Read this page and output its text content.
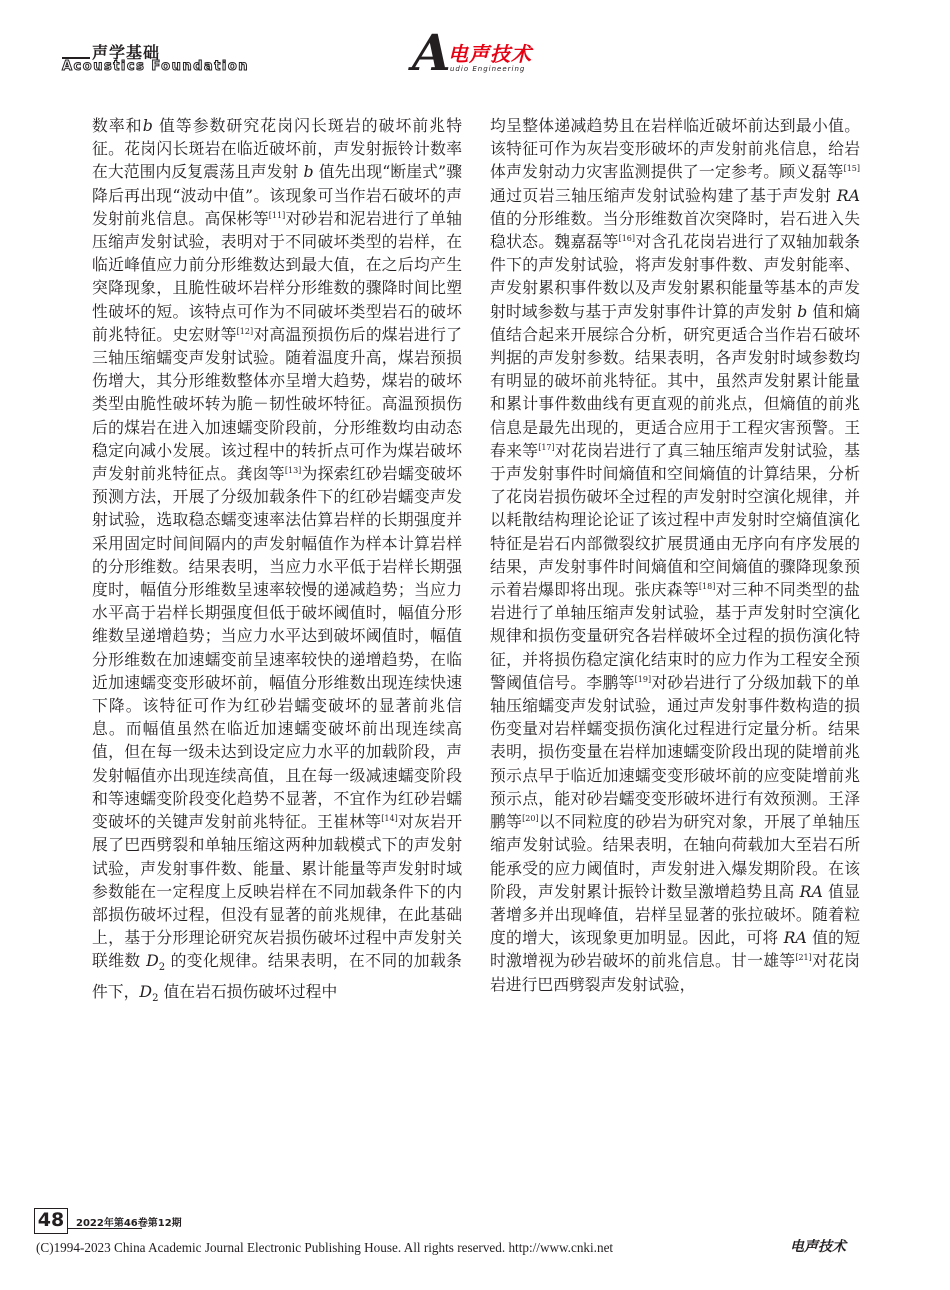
声学基础
Acoustics Foundation	A
电声技术
udio Engineering

数率和b 值等参数研究花岗闪长斑岩的破坏前兆特征。花岗闪长斑岩在临近破坏前，声发射振铃计数率在大范围内反复震荡且声发射 b 值先出现“断崖式”骤降后再出现“波动中值”。该现象可当作岩石破坏的声发射前兆信息。高保彬等[11]对砂岩和泥岩进行了单轴压缩声发射试验，表明对于不同破坏类型的岩样，在临近峰值应力前分形维数达到最大值，在之后均产生突降现象，且脆性破坏岩样分形维数的骤降时间比塑性破坏的短。该特点可作为不同破坏类型岩石的破坏前兆特征。史宏财等[12]对高温预损伤后的煤岩进行了三轴压缩蠕变声发射试验。随着温度升高，煤岩预损伤增大，其分形维数整体亦呈增大趋势，煤岩的破坏类型由脆性破坏转为脆－韧性破坏特征。高温预损伤后的煤岩在进入加速蠕变阶段前，分形维数均由动态稳定向减小发展。该过程中的转折点可作为煤岩破坏声发射前兆特征点。龚囱等[13]为探索红砂岩蠕变破坏预测方法，开展了分级加载条件下的红砂岩蠕变声发射试验，选取稳态蠕变速率法估算岩样的长期强度并采用固定时间间隔内的声发射幅值作为样本计算岩样的分形维数。结果表明，当应力水平低于岩样长期强度时，幅值分形维数呈速率较慢的递减趋势；当应力水平高于岩样长期强度但低于破坏阈值时，幅值分形维数呈递增趋势；当应力水平达到破坏阈值时，幅值分形维数在加速蠕变前呈速率较快的递增趋势，在临近加速蠕变变形破坏前，幅值分形维数出现连续快速下降。该特征可作为红砂岩蠕变破坏的显著前兆信息。而幅值虽然在临近加速蠕变破坏前出现连续高值，但在每一级未达到设定应力水平的加载阶段，声发射幅值亦出现连续高值，且在每一级减速蠕变阶段和等速蠕变阶段变化趋势不显著，不宜作为红砂岩蠕变破坏的关键声发射前兆特征。王崔林等[14]对灰岩开展了巴西劈裂和单轴压缩这两种加载模式下的声发射试验，声发射事件数、能量、累计能量等声发射时域参数能在一定程度上反映岩样在不同加载条件下的内部损伤破坏过程，但没有显著的前兆规律，在此基础上，基于分形理论研究灰岩损伤破坏过程中声发射关联维数 $D_2$ 的变化规律。结果表明，在不同的加载条件下，$D_2$ 值在岩石损伤破坏过程中

均呈整体递减趋势且在岩样临近破坏前达到最小值。该特征可作为灰岩变形破坏的声发射前兆信息，给岩体声发射动力灾害监测提供了一定参考。顾义磊等[15]通过页岩三轴压缩声发射试验构建了基于声发射 RA 值的分形维数。当分形维数首次突降时，岩石进入失稳状态。魏嘉磊等[16]对含孔花岗岩进行了双轴加载条件下的声发射试验，将声发射事件数、声发射能率、声发射累积事件数以及声发射累积能量等基本的声发射时域参数与基于声发射事件计算的声发射 b 值和熵值结合起来开展综合分析，研究更适合当作岩石破坏判据的声发射参数。结果表明，各声发射时域参数均有明显的破坏前兆特征。其中，虽然声发射累计能量和累计事件数曲线有更直观的前兆点，但熵值的前兆信息是最先出现的，更适合应用于工程灾害预警。王春来等[17]对花岗岩进行了真三轴压缩声发射试验，基于声发射事件时间熵值和空间熵值的计算结果，分析了花岗岩损伤破坏全过程的声发射时空演化规律，并以耗散结构理论论证了该过程中声发射时空熵值演化特征是岩石内部微裂纹扩展贯通由无序向有序发展的结果，声发射事件时间熵值和空间熵值的骤降现象预示着岩爆即将出现。张庆森等[18]对三种不同类型的盐岩进行了单轴压缩声发射试验，基于声发射时空演化规律和损伤变量研究各岩样破坏全过程的损伤演化特征，并将损伤稳定演化结束时的应力作为工程安全预警阈值信号。李鹏等[19]对砂岩进行了分级加载下的单轴压缩蠕变声发射试验，通过声发射事件数构造的损伤变量对岩样蠕变损伤演化过程进行定量分析。结果表明，损伤变量在岩样加速蠕变阶段出现的陡增前兆预示点早于临近加速蠕变变形破坏前的应变陡增前兆预示点，能对砂岩蠕变变形破坏进行有效预测。王泽鹏等[20]以不同粒度的砂岩为研究对象，开展了单轴压缩声发射试验。结果表明，在轴向荷载加大至岩石所能承受的应力阈值时，声发射进入爆发期阶段。在该阶段，声发射累计振铃计数呈激增趋势且高 RA 值显著增多并出现峰值，岩样呈显著的张拉破坏。随着粒度的增大，该现象更加明显。因此，可将 RA 值的短时激增视为砂岩破坏的前兆信息。甘一雄等[21]对花岗岩进行巴西劈裂声发射试验，

48	2022年第46卷第12期
(C)1994-2023 China Academic Journal Electronic Publishing House. All rights reserved. http://www.cnki.net	电声技术
